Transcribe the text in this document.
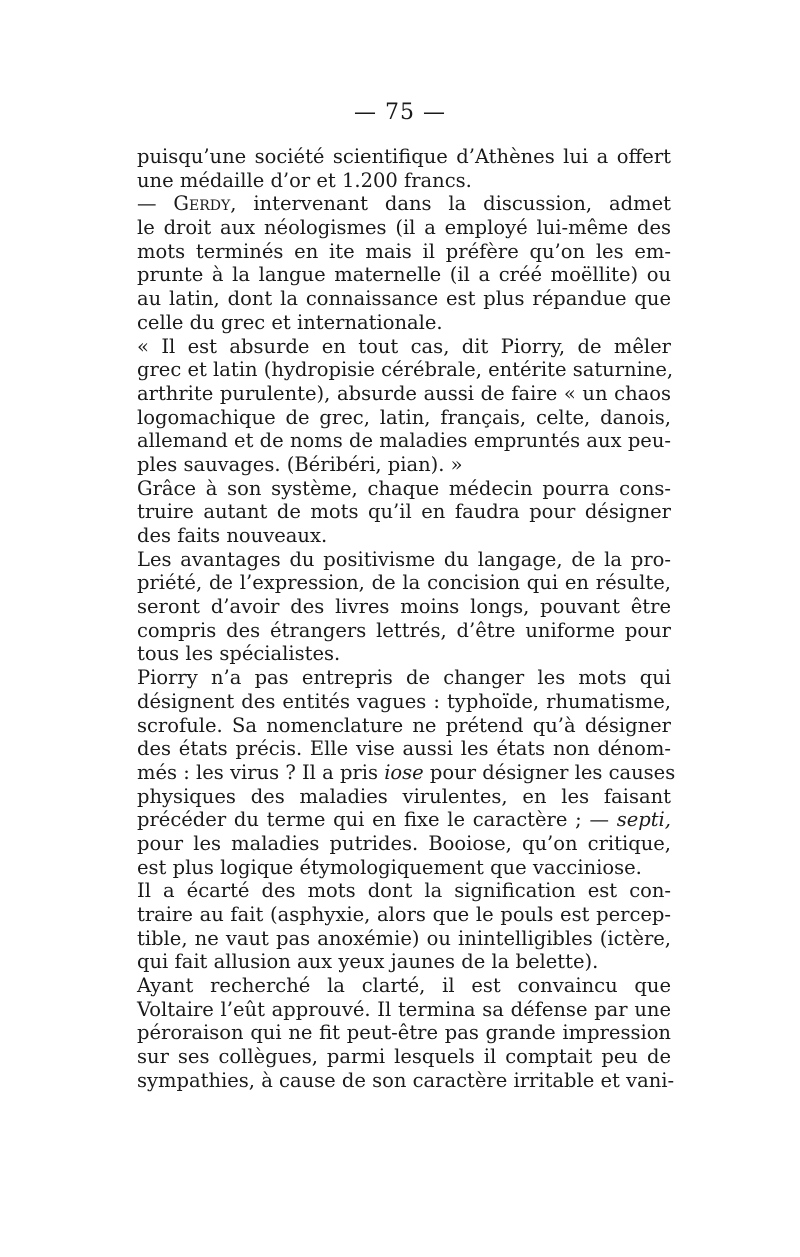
— 75 —
puisqu’une société scientifique d’Athènes lui a offert
une médaille d’or et 1.200 francs.
— Gerdy, intervenant dans la discussion, admet
le droit aux néologismes (il a employé lui-même des
mots terminés en ite mais il préfère qu’on les em-
prunte à la langue maternelle (il a créé moëllite) ou
au latin, dont la connaissance est plus répandue que
celle du grec et internationale.
« Il est absurde en tout cas, dit Piorry, de mêler
grec et latin (hydropisie cérébrale, entérite saturnine,
arthrite purulente), absurde aussi de faire « un chaos
logomachique de grec, latin, français, celte, danois,
allemand et de noms de maladies empruntés aux peu-
ples sauvages. (Béribéri, pian). »
Grâce à son système, chaque médecin pourra cons-
truire autant de mots qu’il en faudra pour désigner
des faits nouveaux.
Les avantages du positivisme du langage, de la pro-
priété, de l’expression, de la concision qui en résulte,
seront d’avoir des livres moins longs, pouvant être
compris des étrangers lettrés, d’être uniforme pour
tous les spécialistes.
Piorry n’a pas entrepris de changer les mots qui
désignent des entités vagues : typhoïde, rhumatisme,
scrofule. Sa nomenclature ne prétend qu’à désigner
des états précis. Elle vise aussi les états non dénom-
més : les virus ? Il a pris iose pour désigner les causes
physiques des maladies virulentes, en les faisant
précéder du terme qui en fixe le caractère ; — septi,
pour les maladies putrides. Booiose, qu’on critique,
est plus logique étymologiquement que vacciniose.
Il a écarté des mots dont la signification est con-
traire au fait (asphyxie, alors que le pouls est percep-
tible, ne vaut pas anoxémie) ou inintelligibles (ictère,
qui fait allusion aux yeux jaunes de la belette).
Ayant recherché la clarté, il est convaincu que
Voltaire l’eût approuvé. Il termina sa défense par une
péroraison qui ne fit peut-être pas grande impression
sur ses collègues, parmi lesquels il comptait peu de
sympathies, à cause de son caractère irritable et vani-
